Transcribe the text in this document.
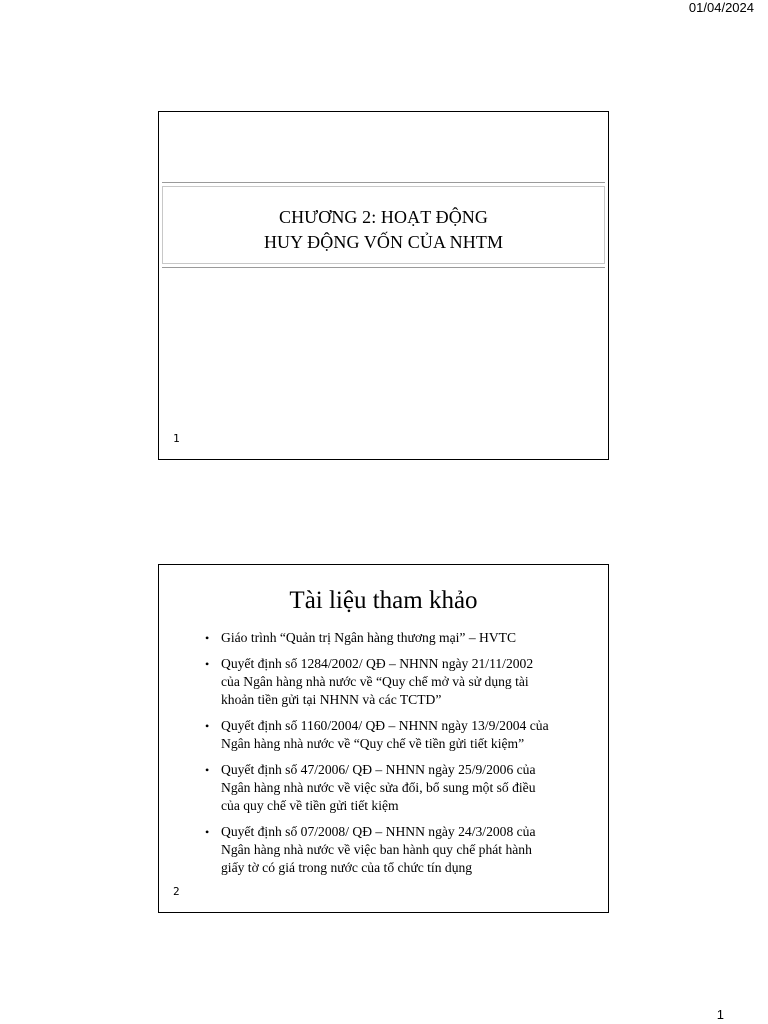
01/04/2024
CHƯƠNG 2: HOẠT ĐỘNG
HUY ĐỘNG VỐN CỦA NHTM
1
Tài liệu tham khảo
• Giáo trình “Quản trị Ngân hàng thương mại” – HVTC
• Quyết định số 1284/2002/ QĐ – NHNN ngày 21/11/2002
của Ngân hàng nhà nước về “Quy chế mở và sử dụng tài
khoản tiền gửi tại NHNN và các TCTD”
• Quyết định số 1160/2004/ QĐ – NHNN ngày 13/9/2004 của
Ngân hàng nhà nước về “Quy chế về tiền gửi tiết kiệm”
• Quyết định số 47/2006/ QĐ – NHNN ngày 25/9/2006 của
Ngân hàng nhà nước về việc sửa đổi, bổ sung một số điều
của quy chế về tiền gửi tiết kiệm
• Quyết định số 07/2008/ QĐ – NHNN ngày 24/3/2008 của
Ngân hàng nhà nước về việc ban hành quy chế phát hành
giấy tờ có giá trong nước của tổ chức tín dụng
2
1
